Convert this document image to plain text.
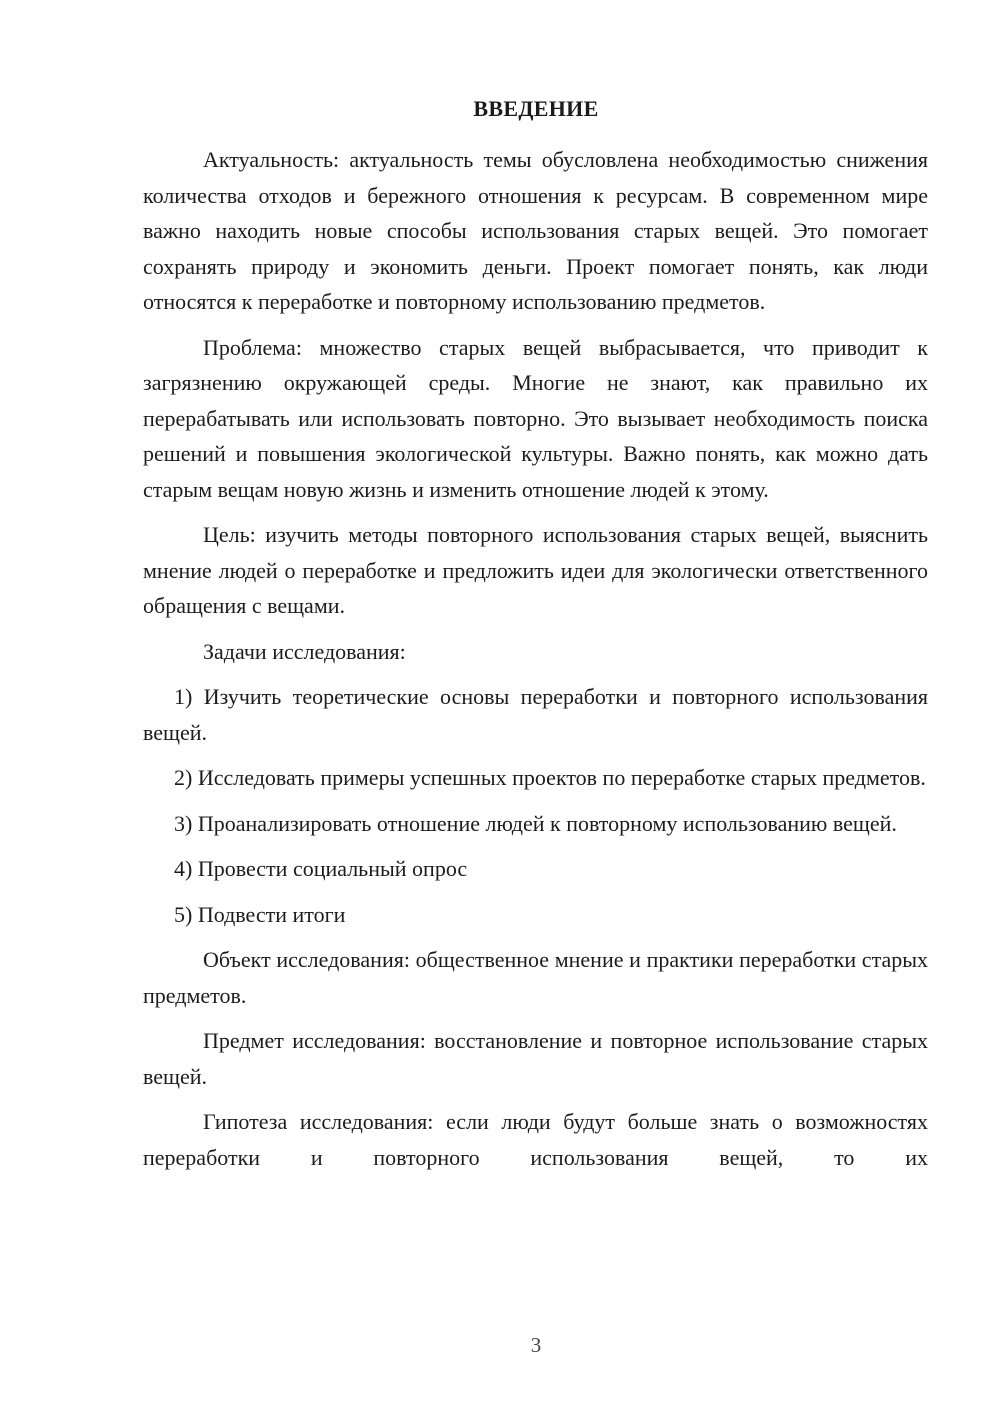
ВВЕДЕНИЕ

Актуальность: актуальность темы обусловлена необходимостью снижения количества отходов и бережного отношения к ресурсам. В современном мире важно находить новые способы использования старых вещей. Это помогает сохранять природу и экономить деньги. Проект помогает понять, как люди относятся к переработке и повторному использованию предметов.

Проблема: множество старых вещей выбрасывается, что приводит к загрязнению окружающей среды. Многие не знают, как правильно их перерабатывать или использовать повторно. Это вызывает необходимость поиска решений и повышения экологической культуры. Важно понять, как можно дать старым вещам новую жизнь и изменить отношение людей к этому.

Цель: изучить методы повторного использования старых вещей, выяснить мнение людей о переработке и предложить идеи для экологически ответственного обращения с вещами.

Задачи исследования:

1) Изучить теоретические основы переработки и повторного использования вещей.

2) Исследовать примеры успешных проектов по переработке старых предметов.

3) Проанализировать отношение людей к повторному использованию вещей.

4) Провести социальный опрос

5) Подвести итоги

Объект исследования: общественное мнение и практики переработки старых предметов.

Предмет исследования: восстановление и повторное использование старых вещей.

Гипотеза исследования: если люди будут больше знать о возможностях переработки и повторного использования вещей, то их

3
